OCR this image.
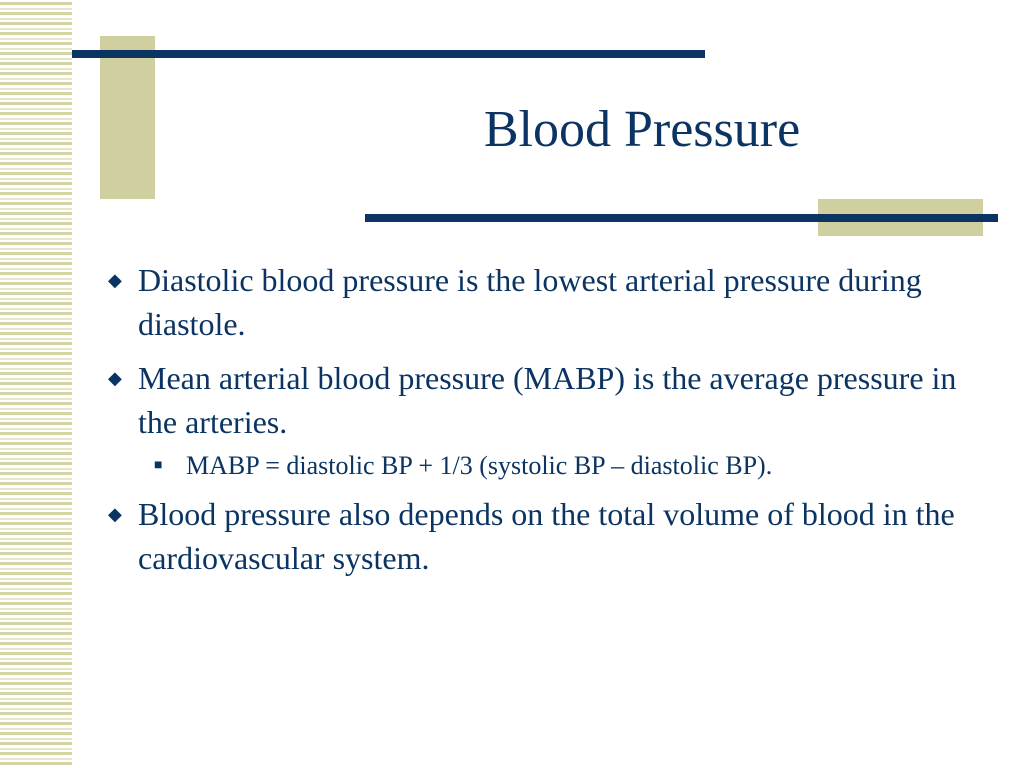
Blood Pressure
◆ Diastolic blood pressure is the lowest arterial pressure during diastole.
◆ Mean arterial blood pressure (MABP) is the average pressure in the arteries.
■ MABP = diastolic BP + 1/3 (systolic BP – diastolic BP).
◆ Blood pressure also depends on the total volume of blood in the cardiovascular system.
